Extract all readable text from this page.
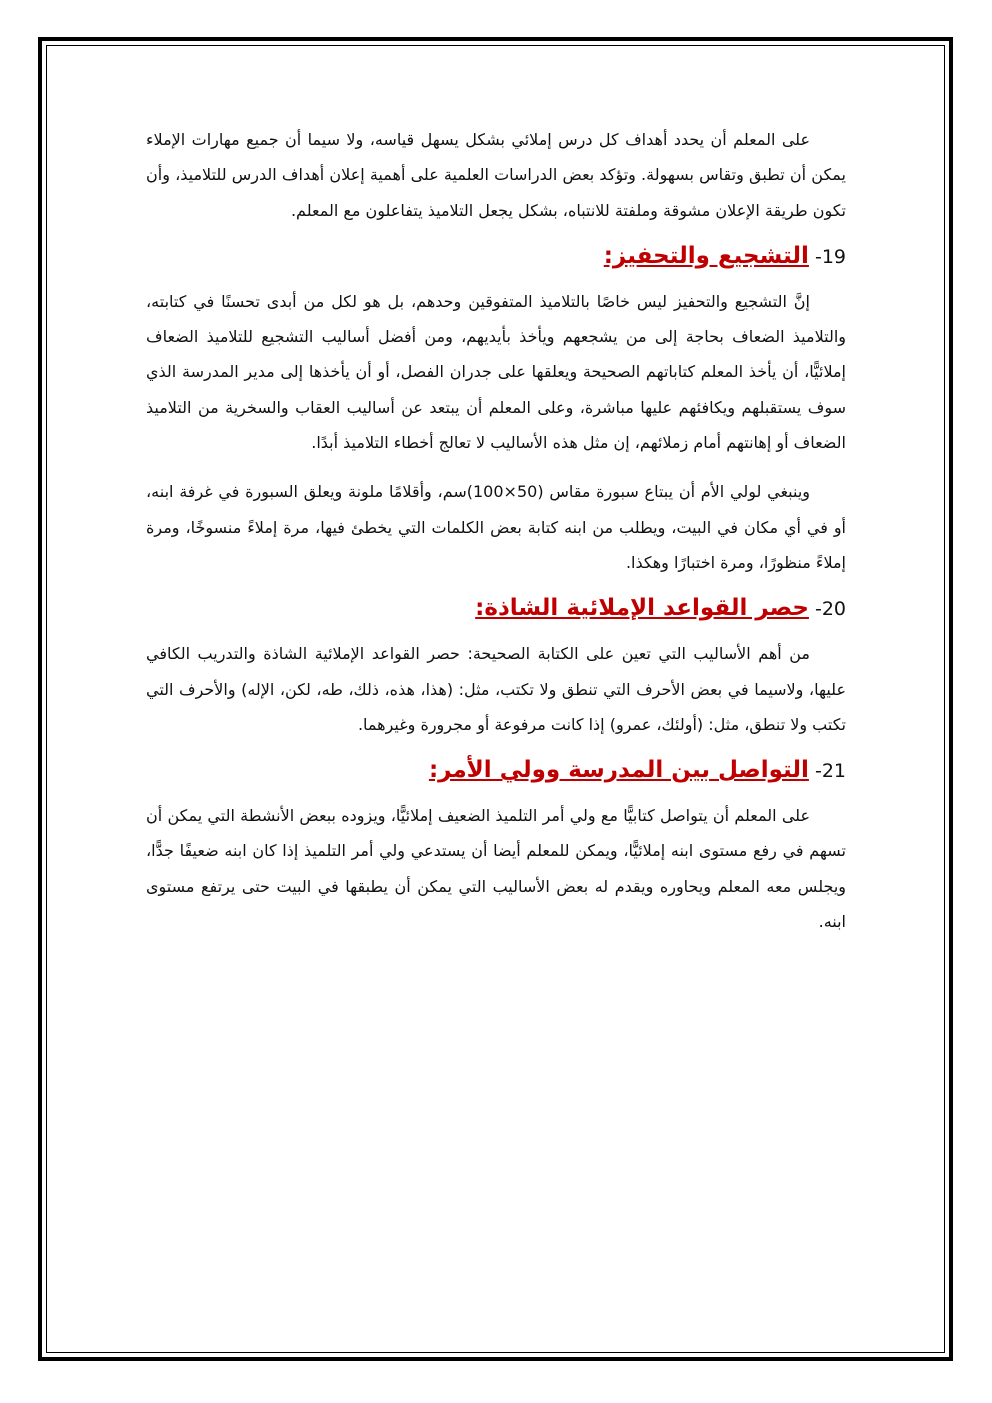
على المعلم أن يحدد أهداف كل درس إملائي بشكل يسهل قياسه، ولا سيما أن جميع مهارات الإملاء يمكن أن تطبق وتقاس بسهولة. وتؤكد بعض الدراسات العلمية على أهمية إعلان أهداف الدرس للتلاميذ، وأن تكون طريقة الإعلان مشوقة وملفتة للانتباه، بشكل يجعل التلاميذ يتفاعلون مع المعلم.

19-التشجيع والتحفيز:

إنَّ التشجيع والتحفيز ليس خاصًا بالتلاميذ المتفوقين وحدهم، بل هو لكل من أبدى تحسنًا في كتابته، والتلاميذ الضعاف بحاجة إلى من يشجعهم ويأخذ بأيديهم، ومن أفضل أساليب التشجيع للتلاميذ الضعاف إملائيًّا، أن يأخذ المعلم كتاباتهم الصحيحة ويعلقها على جدران الفصل، أو أن يأخذها إلى مدير المدرسة الذي سوف يستقبلهم ويكافئهم عليها مباشرة، وعلى المعلم أن يبتعد عن أساليب العقاب والسخرية من التلاميذ الضعاف أو إهانتهم أمام زملائهم، إن مثل هذه الأساليب لا تعالج أخطاء التلاميذ أبدًا.

وينبغي لولي الأم أن يبتاع سبورة مقاس (50×100)سم، وأقلامًا ملونة ويعلق السبورة في غرفة ابنه، أو في أي مكان في البيت، ويطلب من ابنه كتابة بعض الكلمات التي يخطئ فيها، مرة إملاءً منسوخًا، ومرة إملاءً منظورًا، ومرة اختبارًا وهكذا.

20-حصر القواعد الإملائية الشاذة:

من أهم الأساليب التي تعين على الكتابة الصحيحة: حصر القواعد الإملائية الشاذة والتدريب الكافي عليها، ولاسيما في بعض الأحرف التي تنطق ولا تكتب، مثل: (هذا، هذه، ذلك، طه، لكن، الإله) والأحرف التي تكتب ولا تنطق، مثل: (أولئك، عمرو) إذا كانت مرفوعة أو مجرورة وغيرهما.

21-التواصل بين المدرسة وولي الأمر:

على المعلم أن يتواصل كتابيًّا مع ولي أمر التلميذ الضعيف إملائيًّا، ويزوده ببعض الأنشطة التي يمكن أن تسهم في رفع مستوى ابنه إملائيًّا، ويمكن للمعلم أيضا أن يستدعي ولي أمر التلميذ إذا كان ابنه ضعيفًا جدًّا، ويجلس معه المعلم ويحاوره ويقدم له بعض الأساليب التي يمكن أن يطبقها في البيت حتى يرتفع مستوى ابنه.
